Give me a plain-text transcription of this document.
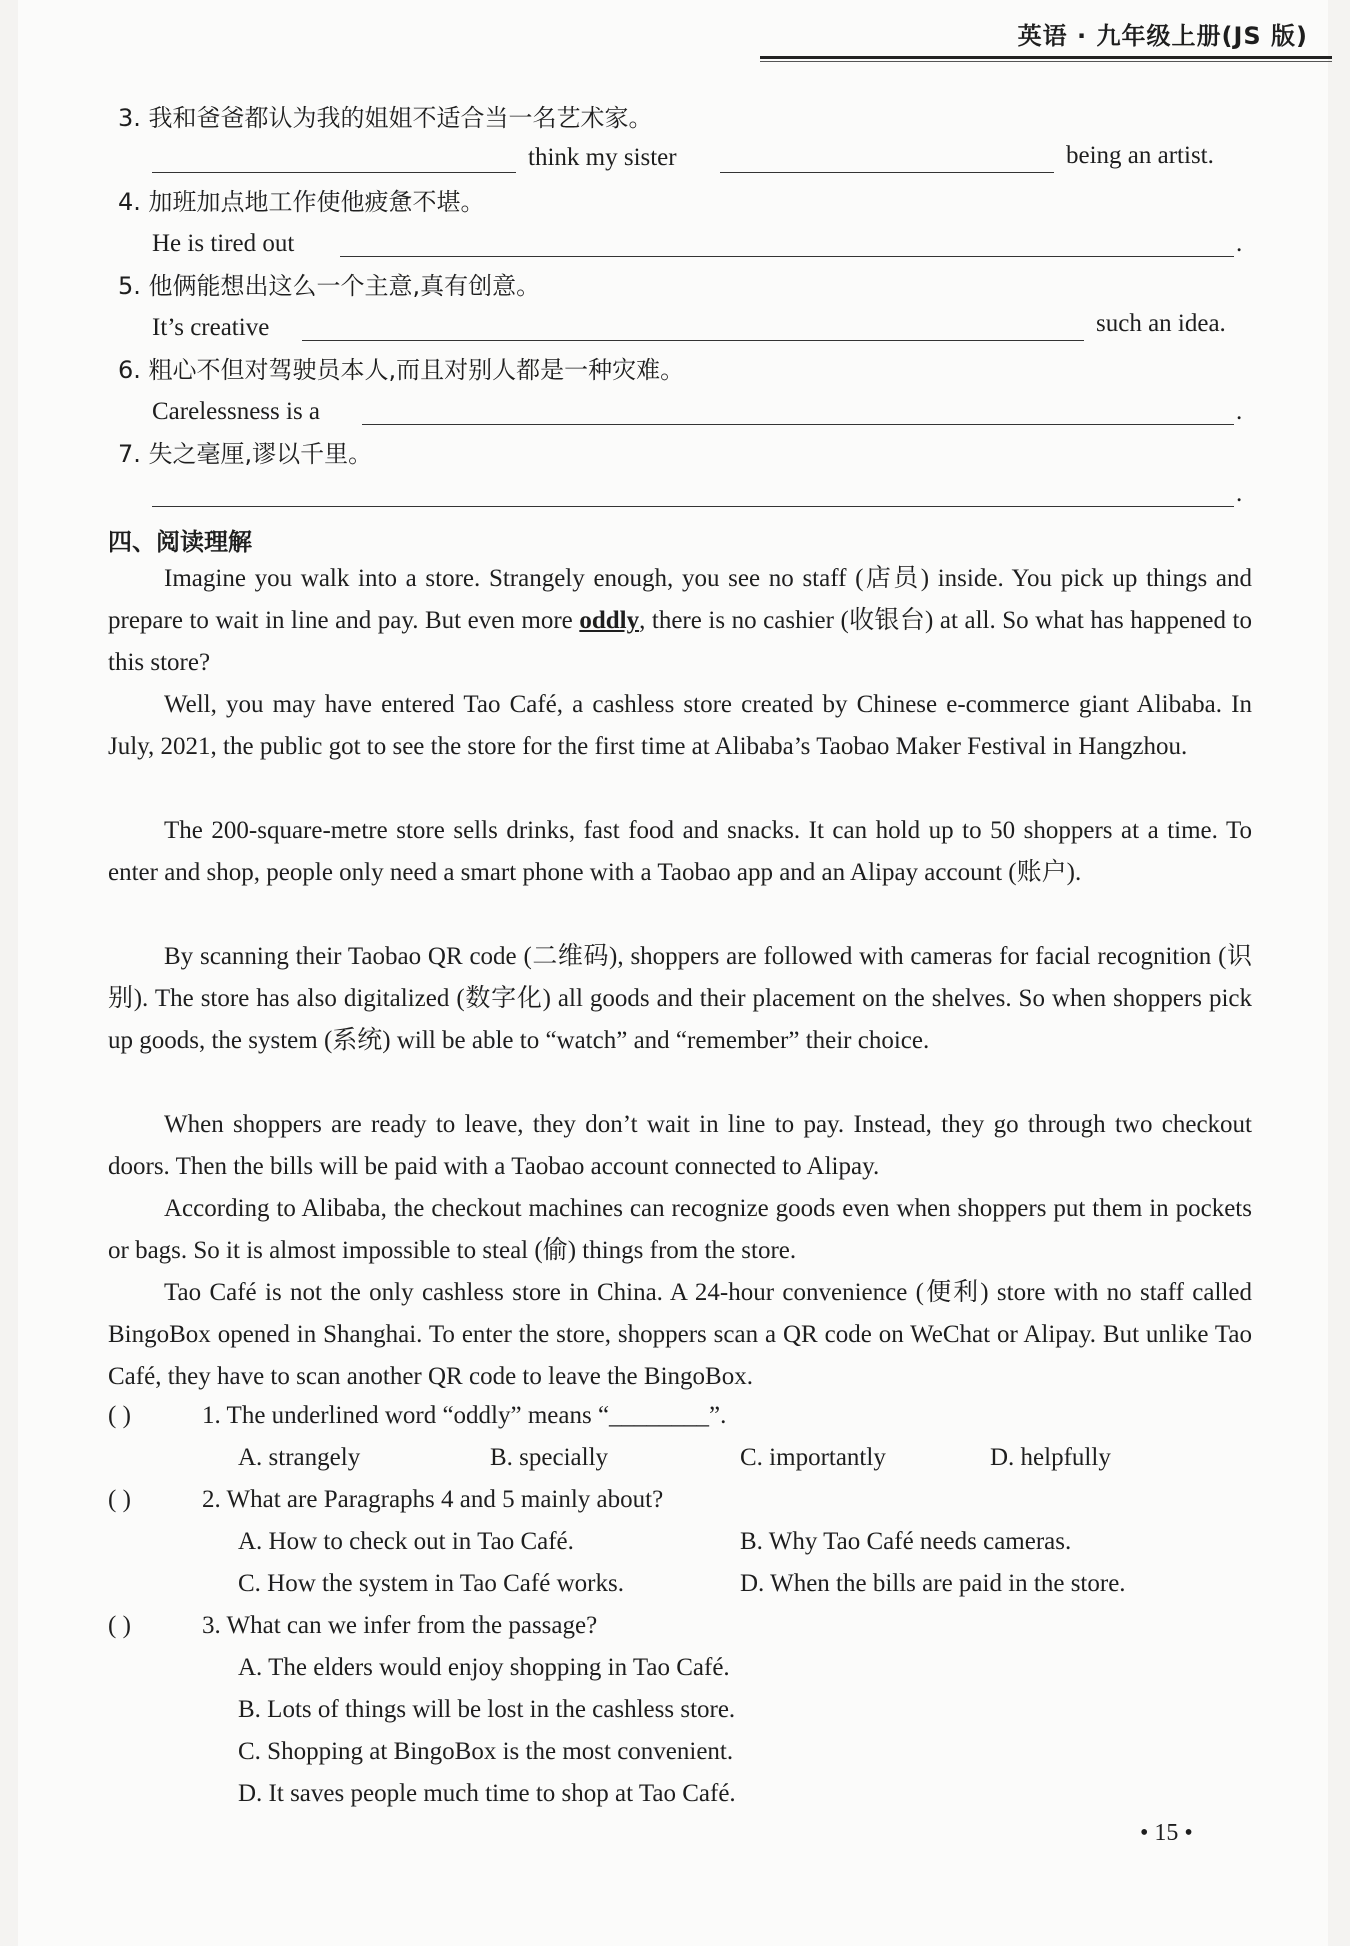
英语 · 九年级上册(JS 版)
3. 我和爸爸都认为我的姐姐不适合当一名艺术家。
think my sister	being an artist.
4. 加班加点地工作使他疲惫不堪。
He is tired out	.
5. 他俩能想出这么一个主意,真有创意。
It’s creative	such an idea.
6. 粗心不但对驾驶员本人,而且对别人都是一种灾难。
Carelessness is a	.
7. 失之毫厘,谬以千里。
.
四、阅读理解
Imagine you walk into a store. Strangely enough, you see no staff (店员) inside. You pick up things and prepare to wait in line and pay. But even more oddly, there is no cashier (收银台) at all. So what has happened to this store?
Well, you may have entered Tao Café, a cashless store created by Chinese e-commerce giant Alibaba. In July, 2021, the public got to see the store for the first time at Alibaba’s Taobao Maker Festival in Hangzhou.
The 200-square-metre store sells drinks, fast food and snacks. It can hold up to 50 shoppers at a time. To enter and shop, people only need a smart phone with a Taobao app and an Alipay account (账户).
By scanning their Taobao QR code (二维码), shoppers are followed with cameras for facial recognition (识别). The store has also digitalized (数字化) all goods and their placement on the shelves. So when shoppers pick up goods, the system (系统) will be able to “watch” and “remember” their choice.
When shoppers are ready to leave, they don’t wait in line to pay. Instead, they go through two checkout doors. Then the bills will be paid with a Taobao account connected to Alipay.
According to Alibaba, the checkout machines can recognize goods even when shoppers put them in pockets or bags. So it is almost impossible to steal (偷) things from the store.
Tao Café is not the only cashless store in China. A 24-hour convenience (便利) store with no staff called BingoBox opened in Shanghai. To enter the store, shoppers scan a QR code on WeChat or Alipay. But unlike Tao Café, they have to scan another QR code to leave the BingoBox.
( )	1. The underlined word “oddly” means “________”.
A. strangely	B. specially	C. importantly	D. helpfully
( )	2. What are Paragraphs 4 and 5 mainly about?
A. How to check out in Tao Café.	B. Why Tao Café needs cameras.
C. How the system in Tao Café works.	D. When the bills are paid in the store.
( )	3. What can we infer from the passage?
A. The elders would enjoy shopping in Tao Café.
B. Lots of things will be lost in the cashless store.
C. Shopping at BingoBox is the most convenient.
D. It saves people much time to shop at Tao Café.
• 15 •
